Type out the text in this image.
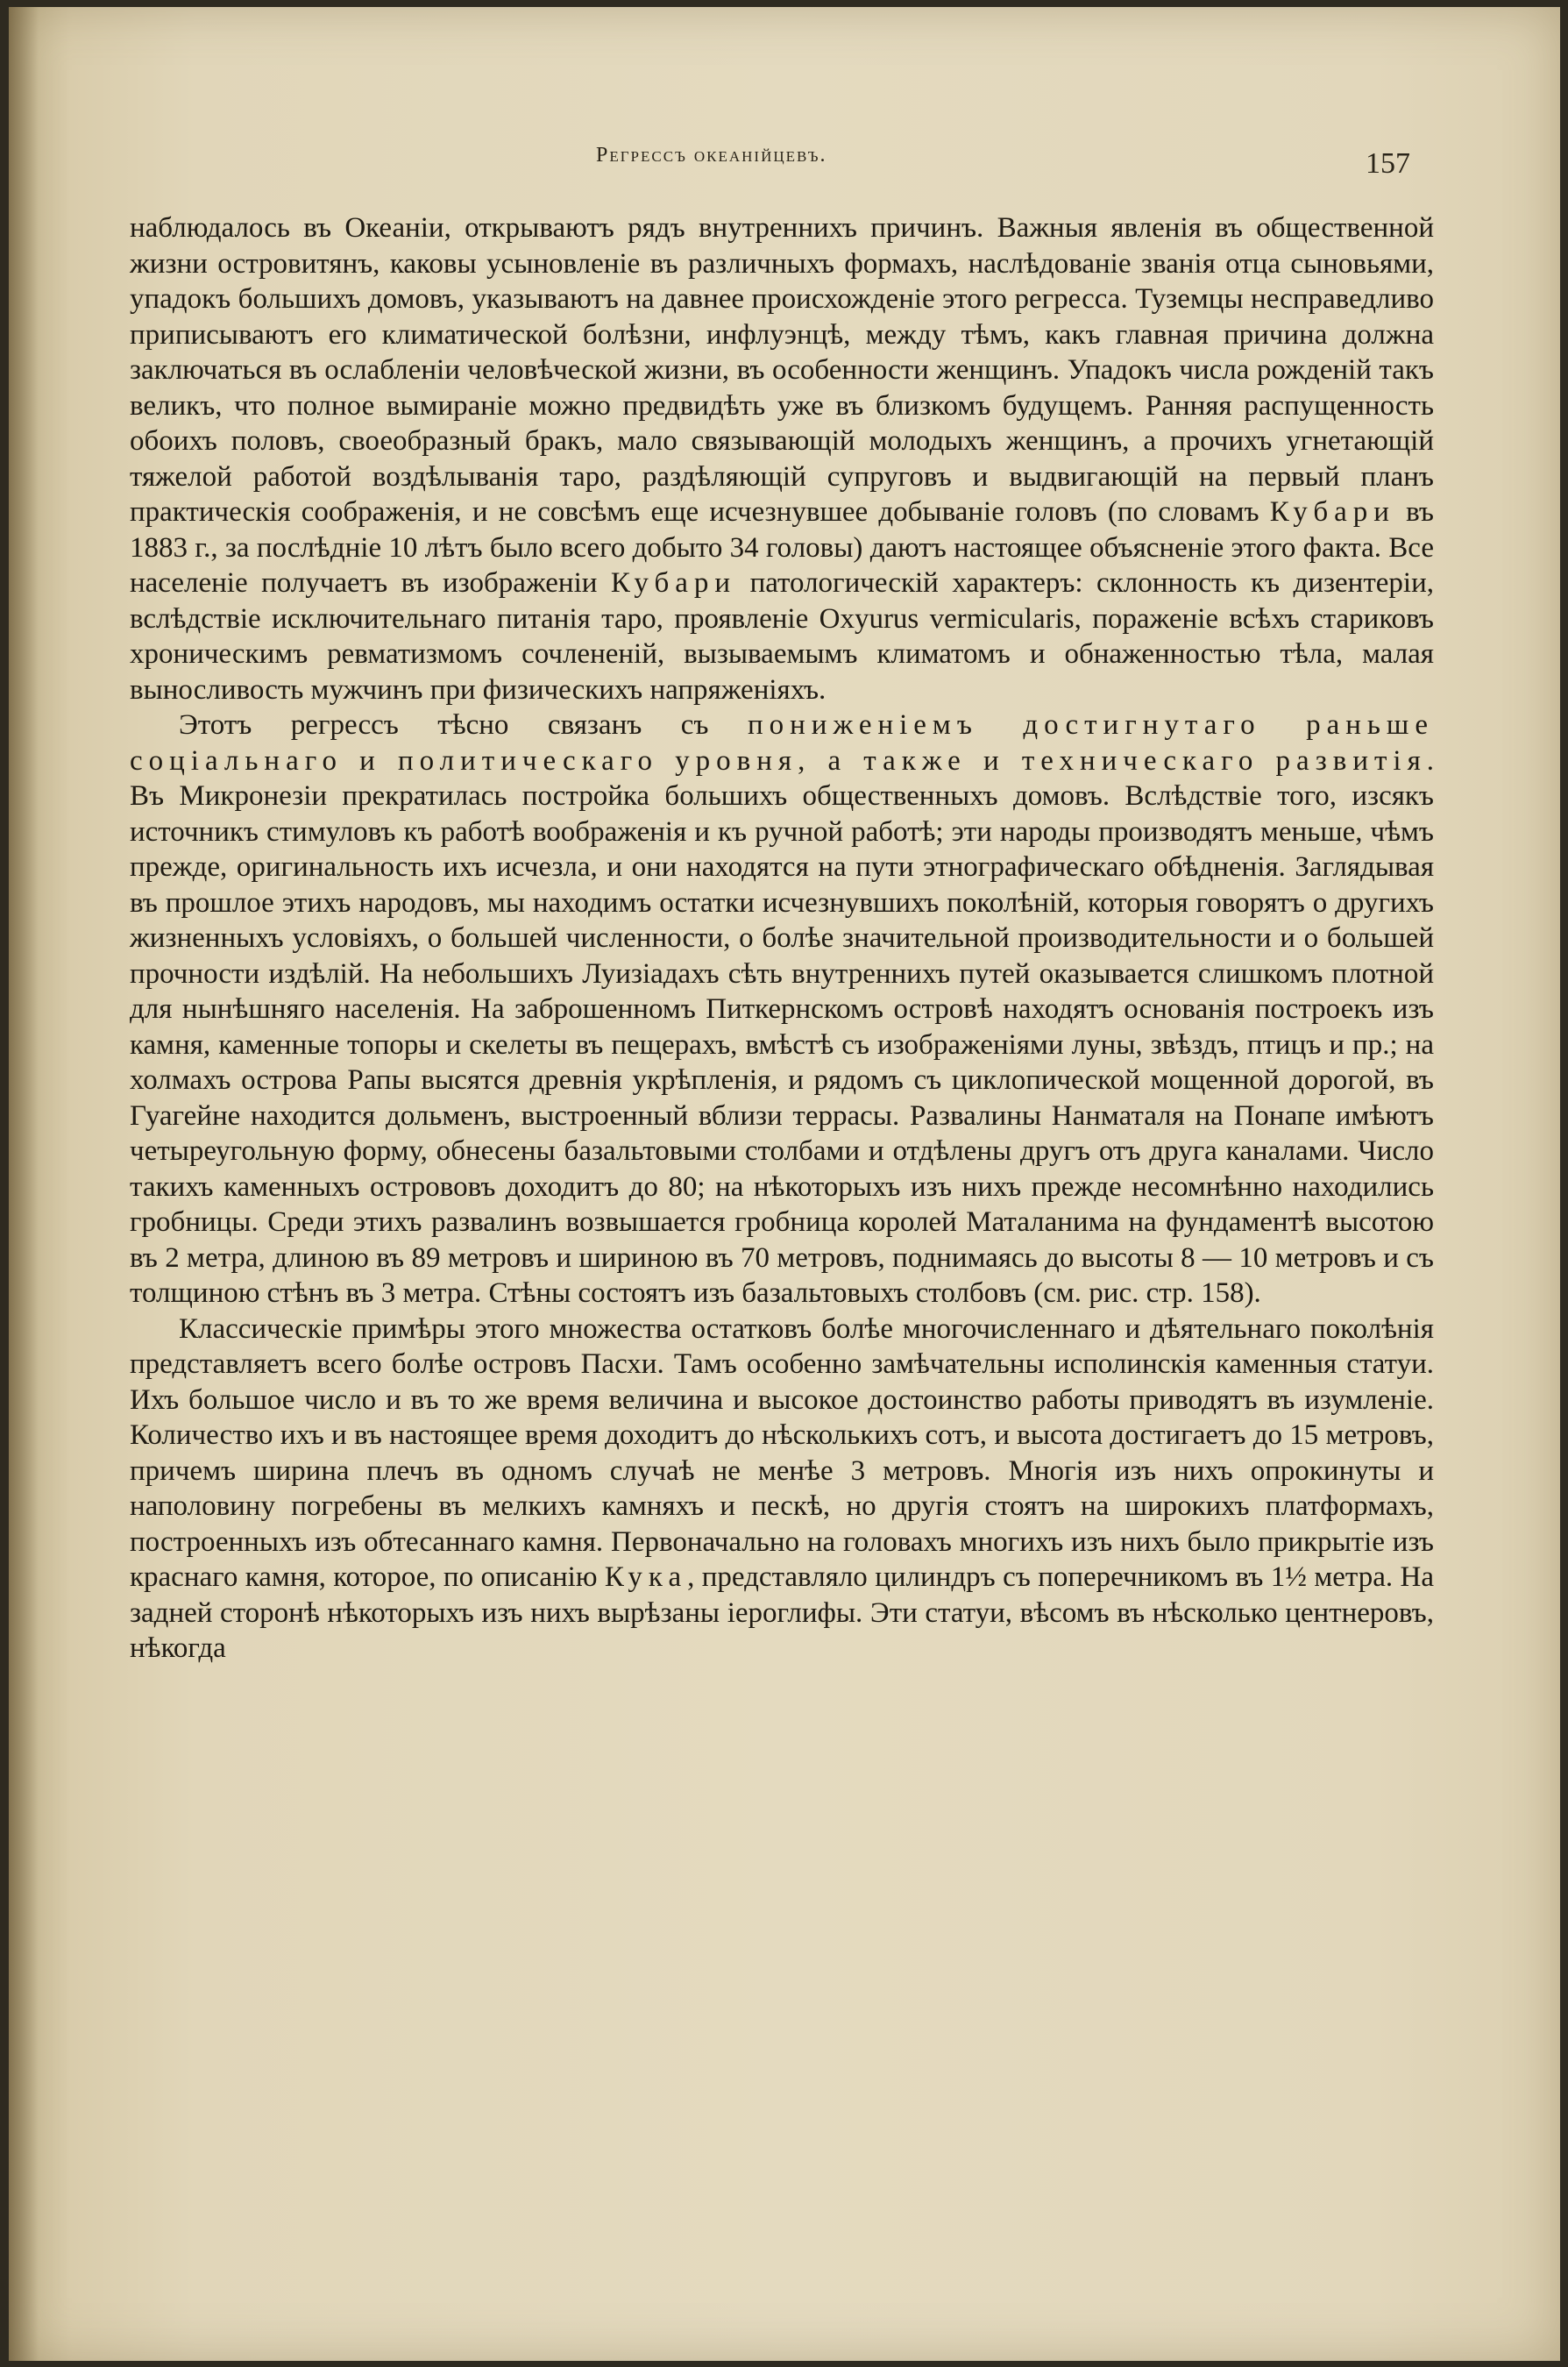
Регрессъ океанійцевъ.	157

наблюдалось въ Океаніи, открываютъ рядъ внутреннихъ причинъ. Важныя явленія въ общественной жизни островитянъ, каковы усыновленіе въ различныхъ формахъ, наслѣдованіе званія отца сыновьями, упадокъ большихъ домовъ, указываютъ на давнее происхожденіе этого регресса. Туземцы несправедливо приписываютъ его климатической болѣзни, инфлуэнцѣ, между тѣмъ, какъ главная причина должна заключаться въ ослабленіи человѣческой жизни, въ особенности женщинъ. Упадокъ числа рожденій такъ великъ, что полное вымираніе можно предвидѣть уже въ близкомъ будущемъ. Ранняя распущенность обоихъ половъ, своеобразный бракъ, мало связывающій молодыхъ женщинъ, а прочихъ угнетающій тяжелой работой воздѣлыванія таро, раздѣляющій супруговъ и выдвигающій на первый планъ практическія соображенія, и не совсѣмъ еще исчезнувшее добываніе головъ (по словамъ Кубари въ 1883 г., за послѣдніе 10 лѣтъ было всего добыто 34 головы) даютъ настоящее объясненіе этого факта. Все населеніе получаетъ въ изображеніи Кубари патологическій характеръ: склонность къ дизентеріи, вслѣдствіе исключительнаго питанія таро, проявленіе Oxyurus vermicularis, пораженіе всѣхъ стариковъ хроническимъ ревматизмомъ сочлененій, вызываемымъ климатомъ и обнаженностью тѣла, малая выносливость мужчинъ при физическихъ напряженіяхъ.

Этотъ регрессъ тѣсно связанъ съ пониженіемъ достигнутаго раньше соціальнаго и политическаго уровня, а также и техническаго развитія. Въ Микронезіи прекратилась постройка большихъ общественныхъ домовъ. Вслѣдствіе того, изсякъ источникъ стимуловъ къ работѣ воображенія и къ ручной работѣ; эти народы производятъ меньше, чѣмъ прежде, оригинальность ихъ исчезла, и они находятся на пути этнографическаго обѣдненія. Заглядывая въ прошлое этихъ народовъ, мы находимъ остатки исчезнувшихъ поколѣній, которыя говорятъ о другихъ жизненныхъ условіяхъ, о большей численности, о болѣе значительной производительности и о большей прочности издѣлій. На небольшихъ Луизіадахъ сѣть внутреннихъ путей оказывается слишкомъ плотной для нынѣшняго населенія. На заброшенномъ Питкернскомъ островѣ находятъ основанія построекъ изъ камня, каменные топоры и скелеты въ пещерахъ, вмѣстѣ съ изображеніями луны, звѣздъ, птицъ и пр.; на холмахъ острова Рапы высятся древнія укрѣпленія, и рядомъ съ циклопической мощенной дорогой, въ Гуагейне находится дольменъ, выстроенный вблизи террасы. Развалины Нанматаля на Понапе имѣютъ четыреугольную форму, обнесены базальтовыми столбами и отдѣлены другъ отъ друга каналами. Число такихъ каменныхъ острововъ доходитъ до 80; на нѣкоторыхъ изъ нихъ прежде несомнѣнно находились гробницы. Среди этихъ развалинъ возвышается гробница королей Маталанима на фундаментѣ высотою въ 2 метра, длиною въ 89 метровъ и шириною въ 70 метровъ, поднимаясь до высоты 8 — 10 метровъ и съ толщиною стѣнъ въ 3 метра. Стѣны состоятъ изъ базальтовыхъ столбовъ (см. рис. стр. 158).

Классическіе примѣры этого множества остатковъ болѣе многочисленнаго и дѣятельнаго поколѣнія представляетъ всего болѣе островъ Пасхи. Тамъ особенно замѣчательны исполинскія каменныя статуи. Ихъ большое число и въ то же время величина и высокое достоинство работы приводятъ въ изумленіе. Количество ихъ и въ настоящее время доходитъ до нѣсколькихъ сотъ, и высота достигаетъ до 15 метровъ, причемъ ширина плечъ въ одномъ случаѣ не менѣе 3 метровъ. Многія изъ нихъ опрокинуты и наполовину погребены въ мелкихъ камняхъ и пескѣ, но другія стоятъ на широкихъ платформахъ, построенныхъ изъ обтесаннаго камня. Первоначально на головахъ многихъ изъ нихъ было прикрытіе изъ краснаго камня, которое, по описанію Кука, представляло цилиндръ съ поперечникомъ въ 1½ метра. На задней сторонѣ нѣкоторыхъ изъ нихъ вырѣзаны іероглифы. Эти статуи, вѣсомъ въ нѣсколько центнеровъ, нѣкогда
